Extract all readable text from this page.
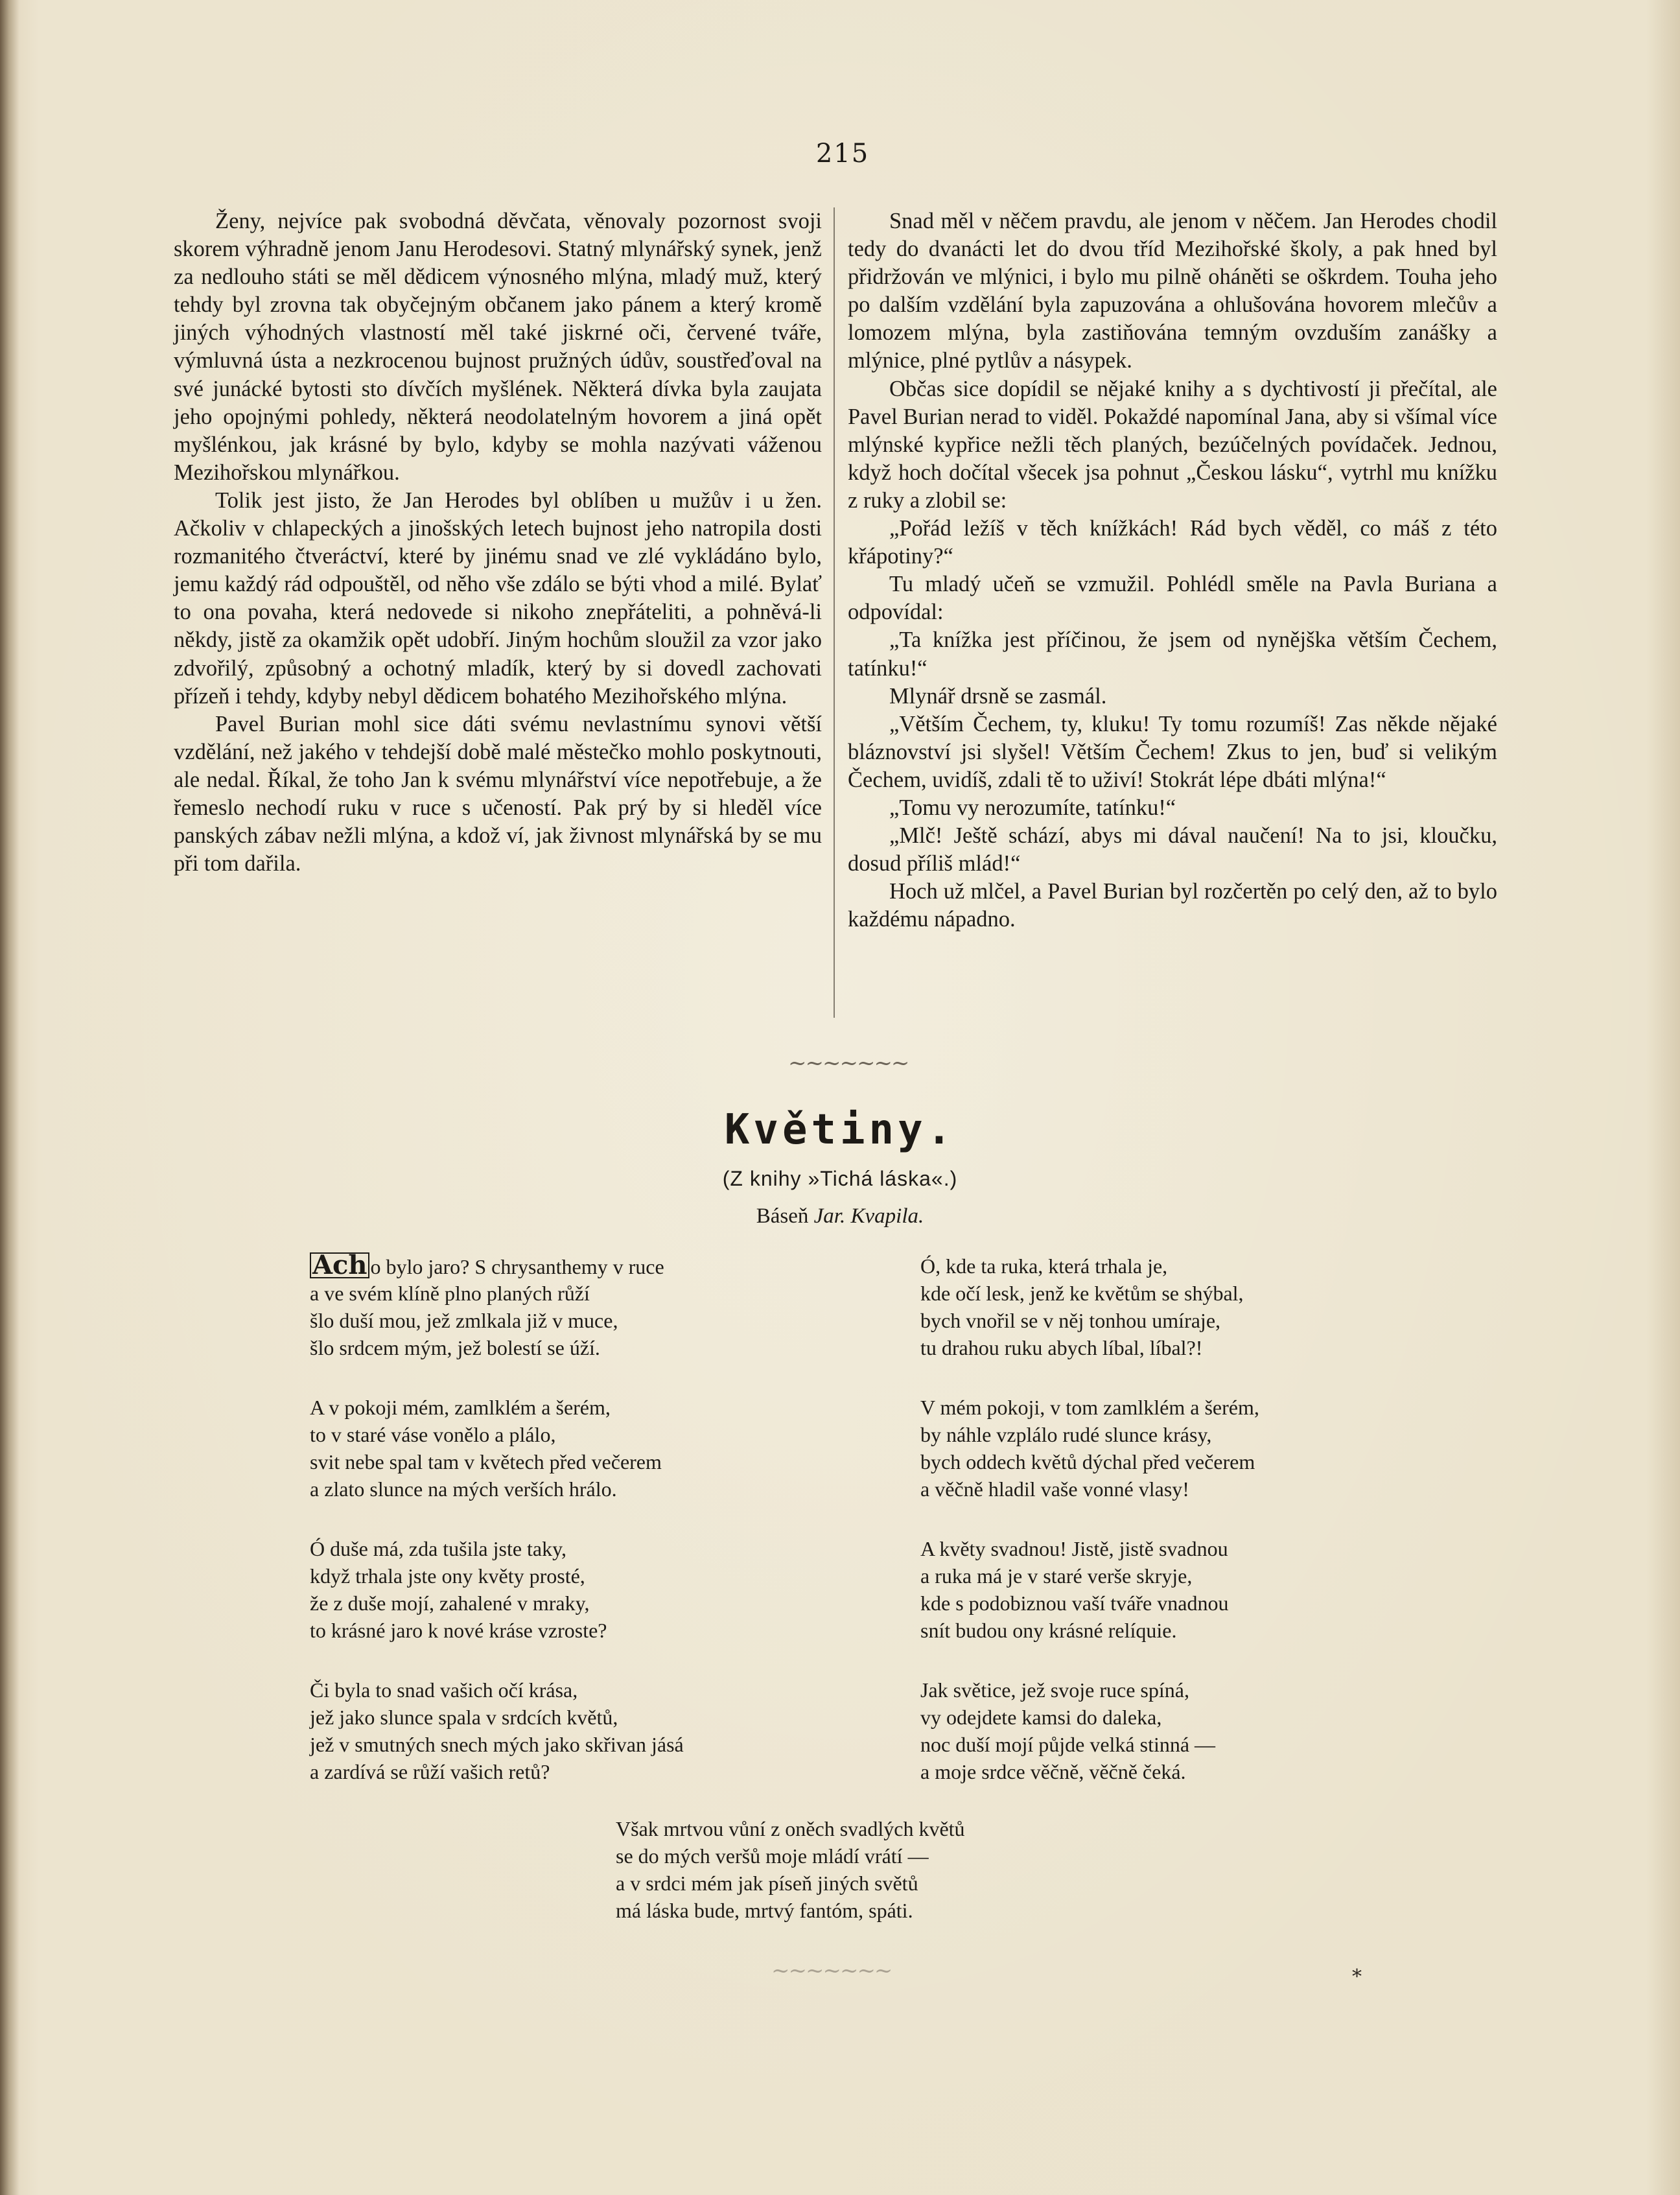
215

Ženy, nejvíce pak svobodná děvčata, věnovaly pozornost svoji skorem výhradně jenom Janu Herodesovi. Statný mlynářský synek, jenž za nedlouho státi se měl dědicem výnosného mlýna, mladý muž, který tehdy byl zrovna tak obyčejným občanem jako pánem a který kromě jiných výhodných vlastností měl také jiskrné oči, červené tváře, výmluvná ústa a nezkrocenou bujnost pružných údův, soustřeďoval na své junácké bytosti sto dívčích myšlének. Některá dívka byla zaujata jeho opojnými pohledy, některá neodolatelným hovorem a jiná opět myšlénkou, jak krásné by bylo, kdyby se mohla nazývati váženou Mezihořskou mlynářkou.

Tolik jest jisto, že Jan Herodes byl oblíben u mužův i u žen. Ačkoliv v chlapeckých a jinošských letech bujnost jeho natropila dosti rozmanitého čtveráctví, které by jinému snad ve zlé vykládáno bylo, jemu každý rád odpouštěl, od něho vše zdálo se býti vhod a milé. Bylať to ona povaha, která nedovede si nikoho znepřáteliti, a pohněvá-li někdy, jistě za okamžik opět udobří. Jiným hochům sloužil za vzor jako zdvořilý, způsobný a ochotný mladík, který by si dovedl zachovati přízeň i tehdy, kdyby nebyl dědicem bohatého Mezihořského mlýna.

Pavel Burian mohl sice dáti svému nevlastnímu synovi větší vzdělání, než jakého v tehdejší době malé městečko mohlo poskytnouti, ale nedal. Říkal, že toho Jan k svému mlynářství více nepotřebuje, a že řemeslo nechodí ruku v ruce s učeností. Pak prý by si hleděl více panských zábav nežli mlýna, a kdož ví, jak živnost mlynářská by se mu při tom dařila.

Snad měl v něčem pravdu, ale jenom v něčem. Jan Herodes chodil tedy do dvanácti let do dvou tříd Mezihořské školy, a pak hned byl přidržován ve mlýnici, i bylo mu pilně oháněti se oškrdem. Touha jeho po dalším vzdělání byla zapuzována a ohlušována hovorem mlečův a lomozem mlýna, byla zastiňována temným ovzduším zanášky a mlýnice, plné pytlův a násypek.

Občas sice dopídil se nějaké knihy a s dychtivostí ji přečítal, ale Pavel Burian nerad to viděl. Pokaždé napomínal Jana, aby si všímal více mlýnské kypřice nežli těch planých, bezúčelných povídaček. Jednou, když hoch dočítal všecek jsa pohnut „Českou lásku“, vytrhl mu knížku z ruky a zlobil se:

„Pořád ležíš v těch knížkách! Rád bych věděl, co máš z této křápotiny?“

Tu mladý učeň se vzmužil. Pohlédl směle na Pavla Buriana a odpovídal:

„Ta knížka jest příčinou, že jsem od nynějška větším Čechem, tatínku!“

Mlynář drsně se zasmál.

„Větším Čechem, ty, kluku! Ty tomu rozumíš! Zas někde nějaké bláznovství jsi slyšel! Větším Čechem! Zkus to jen, buď si velikým Čechem, uvidíš, zdali tě to uživí! Stokrát lépe dbáti mlýna!“

„Tomu vy nerozumíte, tatínku!“

„Mlč! Ještě schází, abys mi dával naučení! Na to jsi, kloučku, dosud příliš mlád!“

Hoch už mlčel, a Pavel Burian byl rozčertěn po celý den, až to bylo každému nápadno.

~~~~~~~
Květiny.
(Z knihy »Tichá láska«.)
Báseň Jar. Kvapila.
Ach o bylo jaro? S chrysanthemy v ruce
a ve svém klíně plno planých růží
šlo duší mou, jež zmlkala již v muce,
šlo srdcem mým, jež bolestí se úží.
A v pokoji mém, zamlklém a šerém,
to v staré váse vonělo a plálo,
svit nebe spal tam v květech před večerem
a zlato slunce na mých verších hrálo.
Ó duše má, zda tušila jste taky,
když trhala jste ony květy prosté,
že z duše mojí, zahalené v mraky,
to krásné jaro k nové kráse vzroste?
Či byla to snad vašich očí krása,
jež jako slunce spala v srdcích květů,
jež v smutných snech mých jako skřivan jásá
a zardívá se růží vašich retů?
Ó, kde ta ruka, která trhala je,
kde očí lesk, jenž ke květům se shýbal,
bych vnořil se v něj tonhou umíraje,
tu drahou ruku abych líbal, líbal?!
V mém pokoji, v tom zamlklém a šerém,
by náhle vzplálo rudé slunce krásy,
bych oddech květů dýchal před večerem
a věčně hladil vaše vonné vlasy!
A květy svadnou! Jistě, jistě svadnou
a ruka má je v staré verše skryje,
kde s podobiznou vaší tváře vnadnou
snít budou ony krásné relíquie.
Jak světice, jež svoje ruce spíná,
vy odejdete kamsi do daleka,
noc duší mojí půjde velká stinná —
a moje srdce věčně, věčně čeká.
Však mrtvou vůní z oněch svadlých květů
se do mých veršů moje mládí vrátí —
a v srdci mém jak píseň jiných světů
má láska bude, mrtvý fantóm, spáti.
~~~~~~~	*
